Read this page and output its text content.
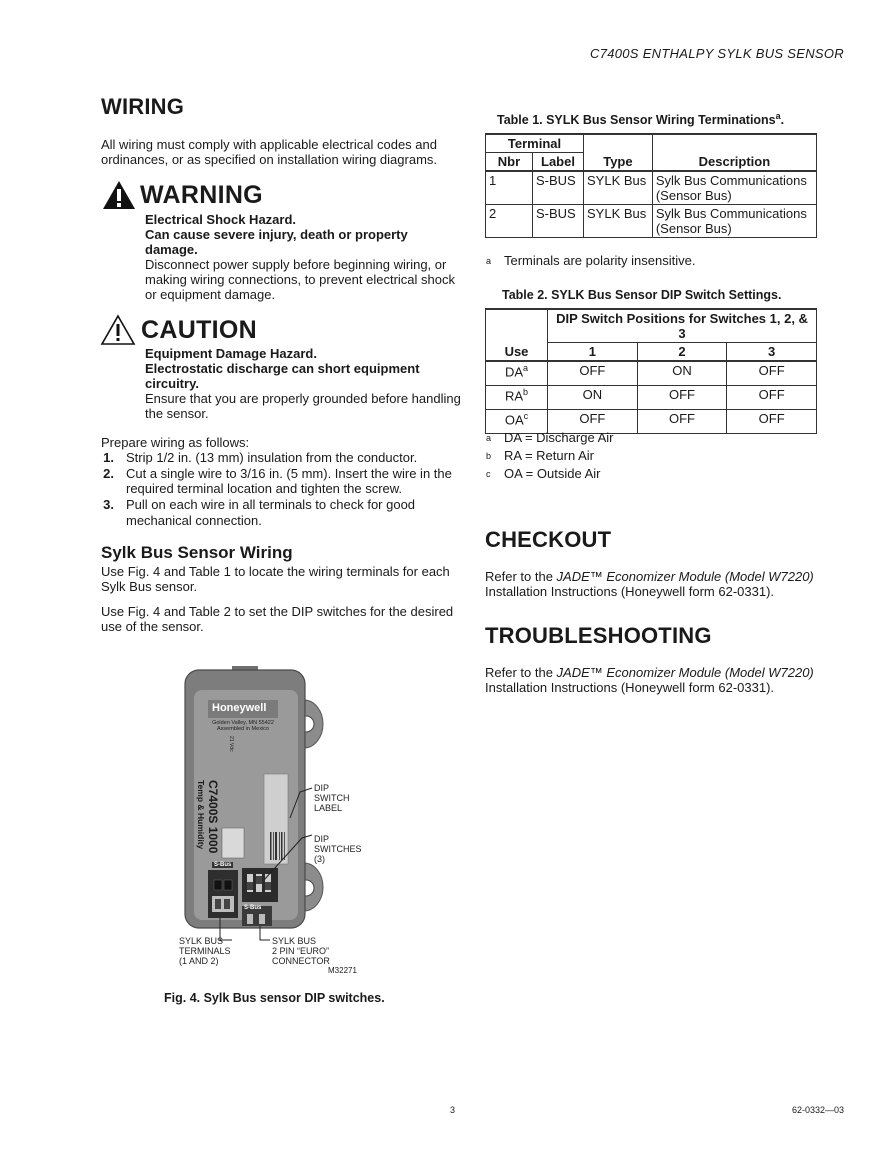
C7400S ENTHALPY SYLK BUS SENSOR
WIRING

All wiring must comply with applicable electrical codes and ordinances, or as specified on installation wiring diagrams.

WARNING
Electrical Shock Hazard.
Can cause severe injury, death or property damage.
Disconnect power supply before beginning wiring, or making wiring connections, to prevent electrical shock or equipment damage.
CAUTION
Equipment Damage Hazard.
Electrostatic discharge can short equipment circuitry.
Ensure that you are properly grounded before handling the sensor.

Prepare wiring as follows:

1. Strip 1/2 in. (13 mm) insulation from the conductor.
2. Cut a single wire to 3/16 in. (5 mm). Insert the wire in the required terminal location and tighten the screw.
3. Pull on each wire in all terminals to check for good mechanical connection.
Sylk Bus Sensor Wiring

Use Fig. 4 and Table 1 to locate the wiring terminals for each Sylk Bus sensor.

Use Fig. 4 and Table 2 to set the DIP switches for the desired use of the sensor.

Honeywell
Golden Valley, MN 55422
Assembled in Mexico
C7400S 1000
Temp & Humidity
21 Vdc
S-Bus
S-Bus
DIP
SWITCH
LABEL
DIP
SWITCHES
(3)
SYLK BUS
TERMINALS
(1 AND 2)
SYLK BUS
2 PIN “EURO”
CONNECTOR
M32271
Fig. 4. Sylk Bus sensor DIP switches.
Table 1. SYLK Bus Sensor Wiring Terminations$^a$.
Terminal		Type	Description
Nbr	Label		
1	S-BUS	SYLK Bus	Sylk Bus Communications
(Sensor Bus)

2	S-BUS	SYLK Bus	Sylk Bus Communications
(Sensor Bus)
$^a$ Terminals are polarity insensitive.
Table 2. SYLK Bus Sensor DIP Switch Settings.
	DIP Switch Positions for Switches 1, 2, & 3		
Use	1	2	3
$DA^a$	OFF	ON	OFF
$RA^b$	ON	OFF	OFF
$OA^c$	OFF	OFF	OFF
$^a$ DA = Discharge Air
$^b$ RA = Return Air
$^c$ OA = Outside Air
CHECKOUT

Refer to the JADE™ Economizer Module (Model W7220) Installation Instructions (Honeywell form 62-0331).

TROUBLESHOOTING

Refer to the JADE™ Economizer Module (Model W7220) Installation Instructions (Honeywell form 62-0331).

3	62-0332—03
